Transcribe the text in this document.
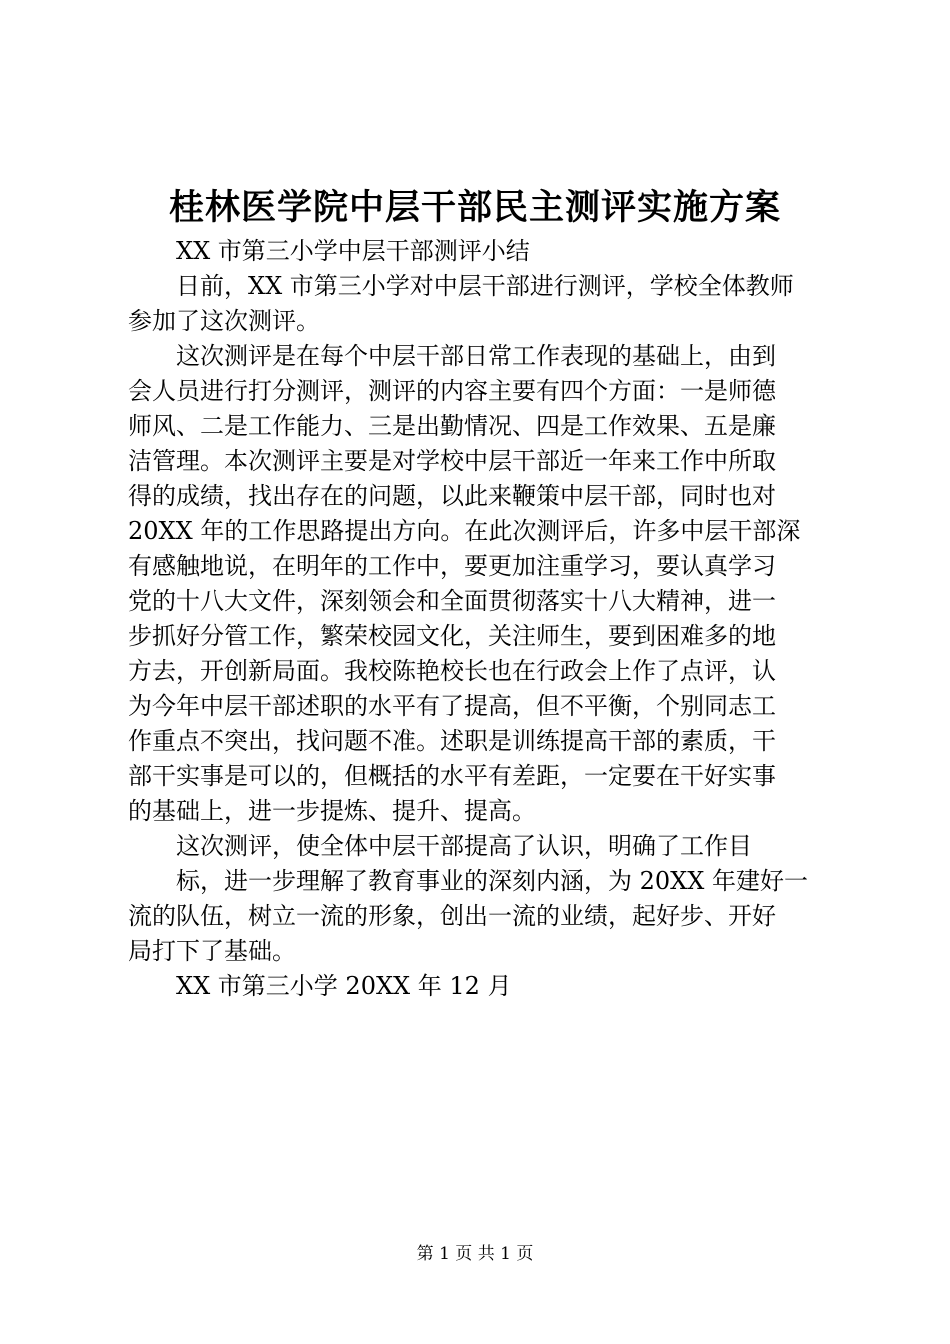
桂林医学院中层干部民主测评实施方案
XX 市第三小学中层干部测评小结
日前，XX 市第三小学对中层干部进行测评，学校全体教师
参加了这次测评。
这次测评是在每个中层干部日常工作表现的基础上，由到
会人员进行打分测评，测评的内容主要有四个方面：一是师德
师风、二是工作能力、三是出勤情况、四是工作效果、五是廉
洁管理。本次测评主要是对学校中层干部近一年来工作中所取
得的成绩，找出存在的问题，以此来鞭策中层干部，同时也对
20XX 年的工作思路提出方向。在此次测评后，许多中层干部深
有感触地说，在明年的工作中，要更加注重学习，要认真学习
党的十八大文件，深刻领会和全面贯彻落实十八大精神，进一
步抓好分管工作，繁荣校园文化，关注师生，要到困难多的地
方去，开创新局面。我校陈艳校长也在行政会上作了点评，认
为今年中层干部述职的水平有了提高，但不平衡，个别同志工
作重点不突出，找问题不准。述职是训练提高干部的素质，干
部干实事是可以的，但概括的水平有差距，一定要在干好实事
的基础上，进一步提炼、提升、提高。
这次测评，使全体中层干部提高了认识，明确了工作目
标，进一步理解了教育事业的深刻内涵，为 20XX 年建好一
流的队伍，树立一流的形象，创出一流的业绩，起好步、开好
局打下了基础。
XX 市第三小学 20XX 年 12 月
第 1 页 共 1 页
